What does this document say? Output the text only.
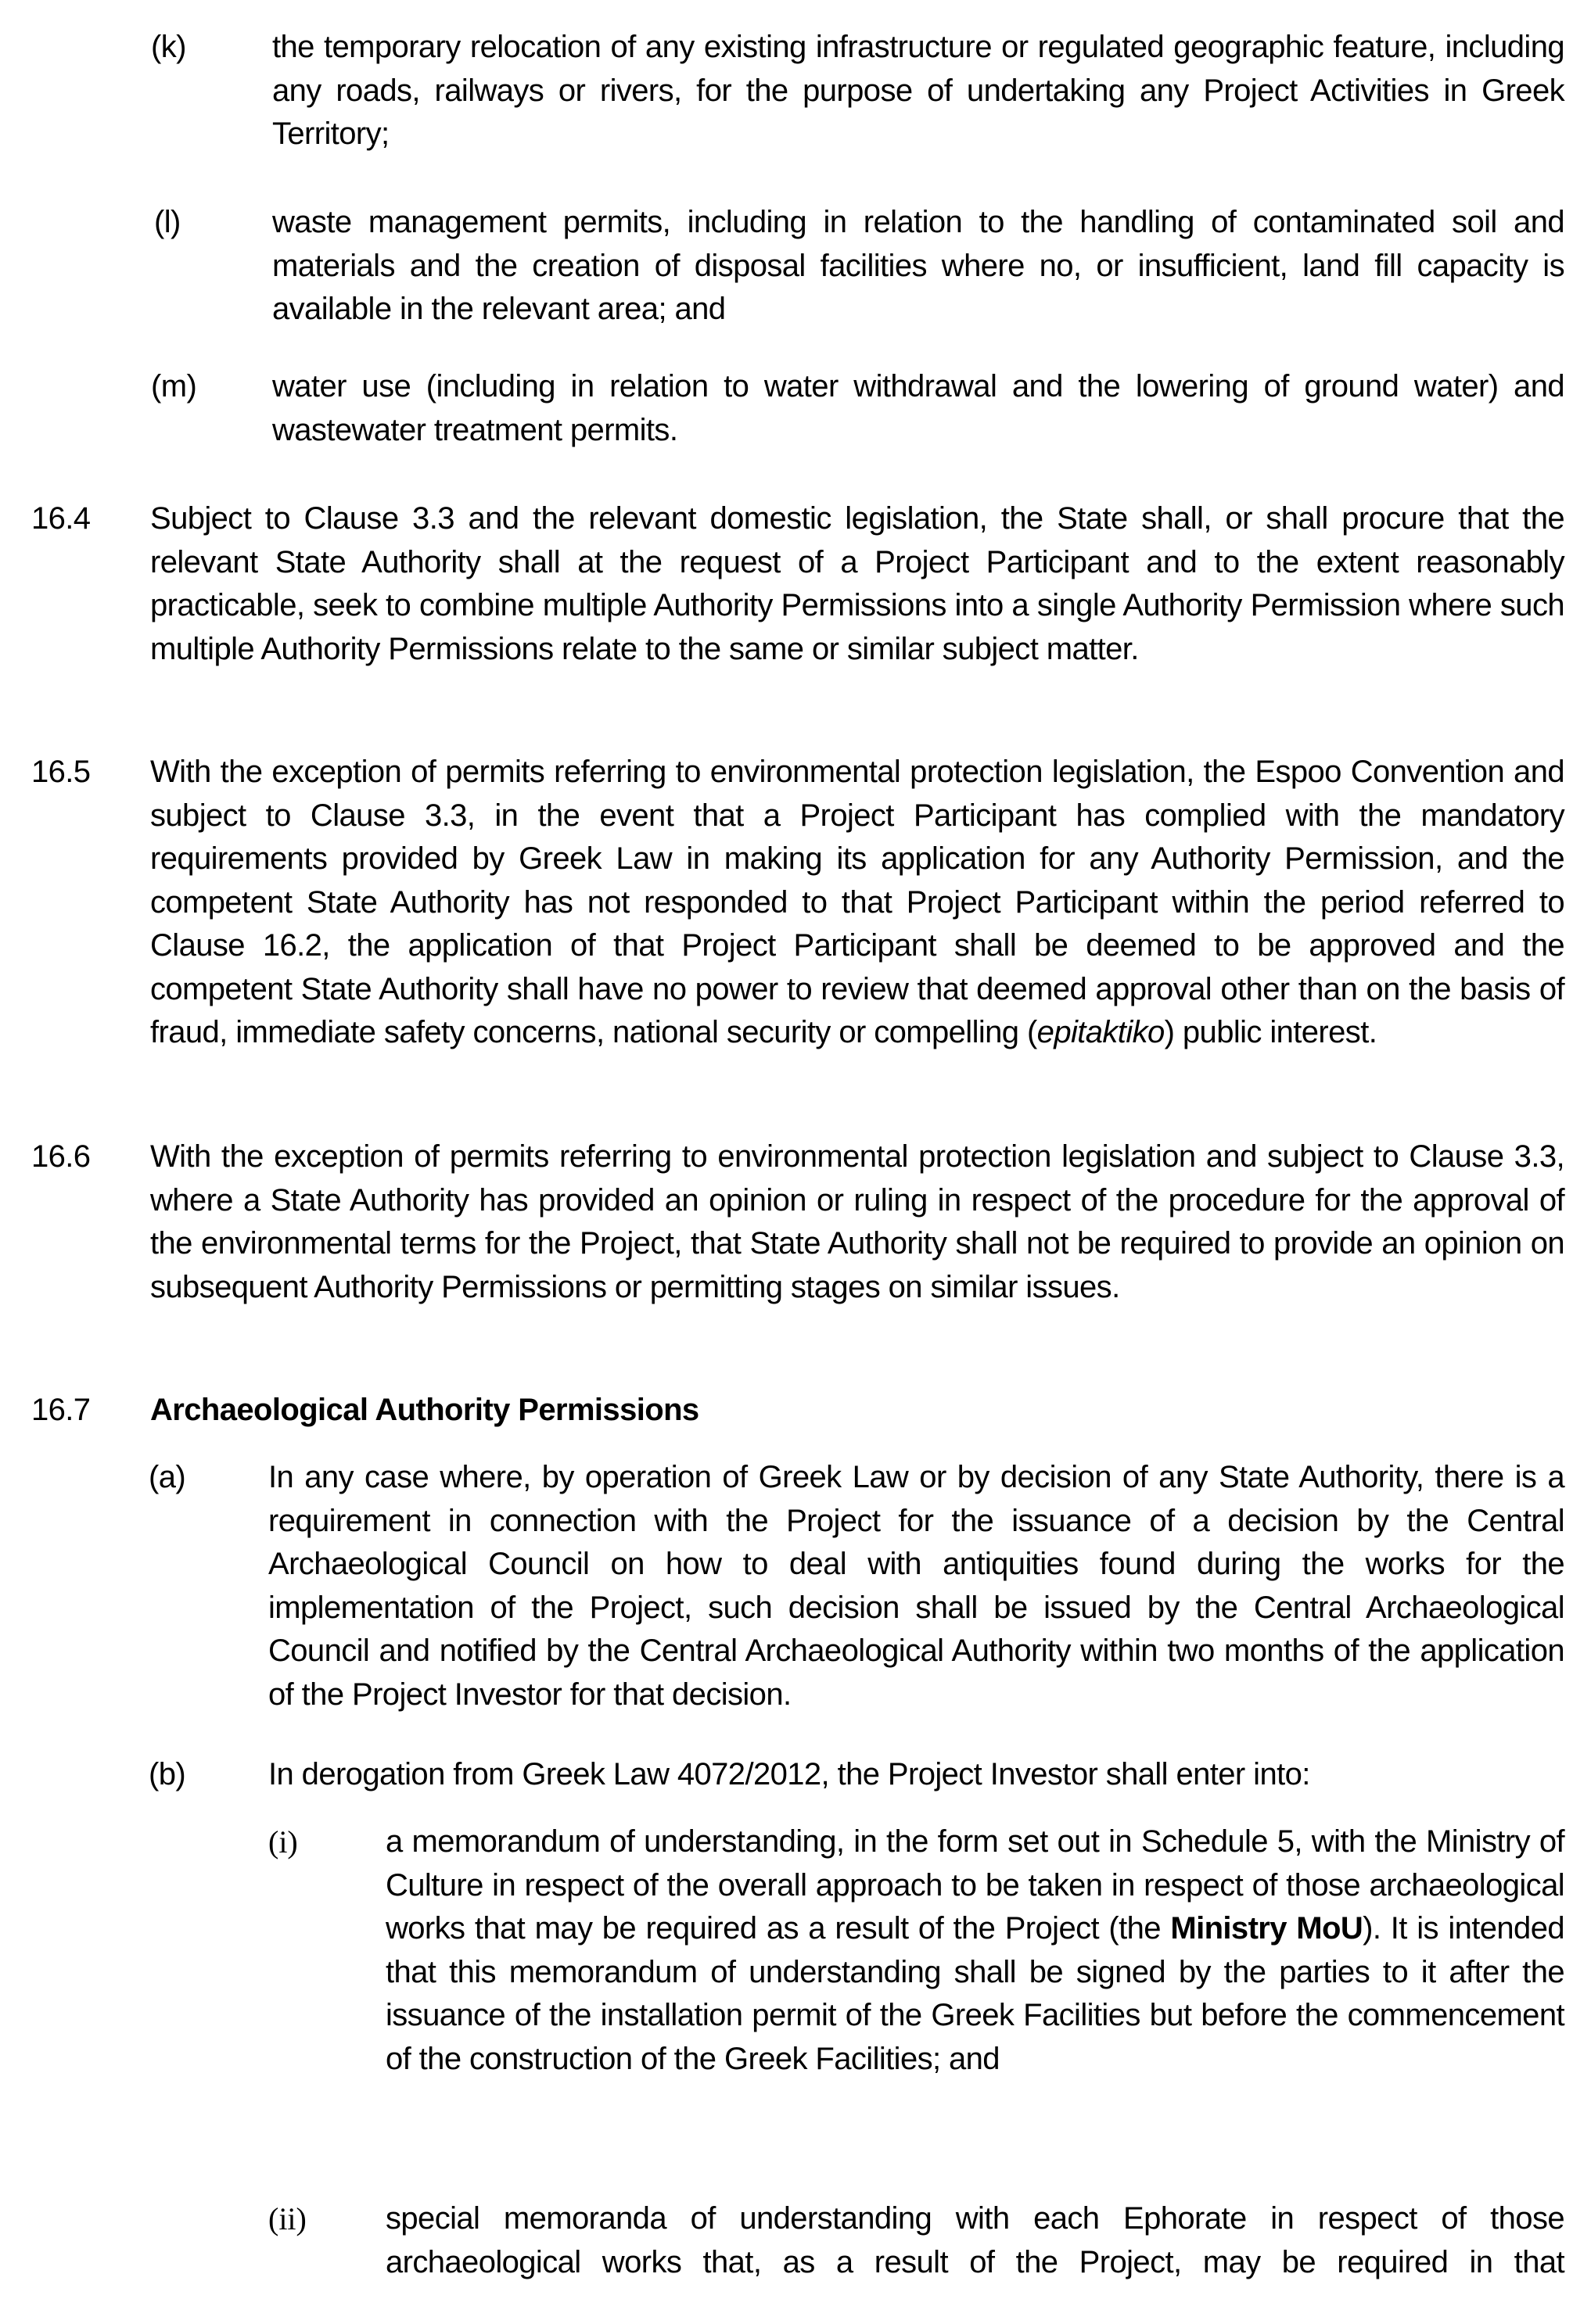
(k)	the temporary relocation of any existing infrastructure or regulated geographic feature, including any roads, railways or rivers, for the purpose of undertaking any Project Activities in Greek Territory;
(l)	waste management permits, including in relation to the handling of contaminated soil and materials and the creation of disposal facilities where no, or insufficient, land fill capacity is available in the relevant area; and
(m) water use (including in relation to water withdrawal and the lowering of ground water) and wastewater treatment permits.
16.4 Subject to Clause 3.3 and the relevant domestic legislation, the State shall, or shall procure that the relevant State Authority shall at the request of a Project Participant and to the extent reasonably practicable, seek to combine multiple Authority Permissions into a single Authority Permission where such multiple Authority Permissions relate to the same or similar subject matter.
16.5 With the exception of permits referring to environmental protection legislation, the Espoo Convention and subject to Clause 3.3, in the event that a Project Participant has complied with the mandatory requirements provided by Greek Law in making its application for any Authority Permission, and the competent State Authority has not responded to that Project Participant within the period referred to Clause 16.2, the application of that Project Participant shall be deemed to be approved and the competent State Authority shall have no power to review that deemed approval other than on the basis of fraud, immediate safety concerns, national security or compelling (epitaktiko) public interest.
16.6 With the exception of permits referring to environmental protection legislation and subject to Clause 3.3, where a State Authority has provided an opinion or ruling in respect of the procedure for the approval of the environmental terms for the Project, that State Authority shall not be required to provide an opinion on subsequent Authority Permissions or permitting stages on similar issues.
16.7 Archaeological Authority Permissions
(a)	In any case where, by operation of Greek Law or by decision of any State Authority, there is a requirement in connection with the Project for the issuance of a decision by the Central Archaeological Council on how to deal with antiquities found during the works for the implementation of the Project, such decision shall be issued by the Central Archaeological Council and notified by the Central Archaeological Authority within two months of the application of the Project Investor for that decision.
(b)	In derogation from Greek Law 4072/2012, the Project Investor shall enter into:
(i)	a memorandum of understanding, in the form set out in Schedule 5, with the Ministry of Culture in respect of the overall approach to be taken in respect of those archaeological works that may be required as a result of the Project (the Ministry MoU). It is intended that this memorandum of understanding shall be signed by the parties to it after the issuance of the installation permit of the Greek Facilities but before the commencement of the construction of the Greek Facilities; and
(ii)	special memoranda of understanding with each Ephorate in respect of those archaeological works that, as a result of the Project, may be required in that
